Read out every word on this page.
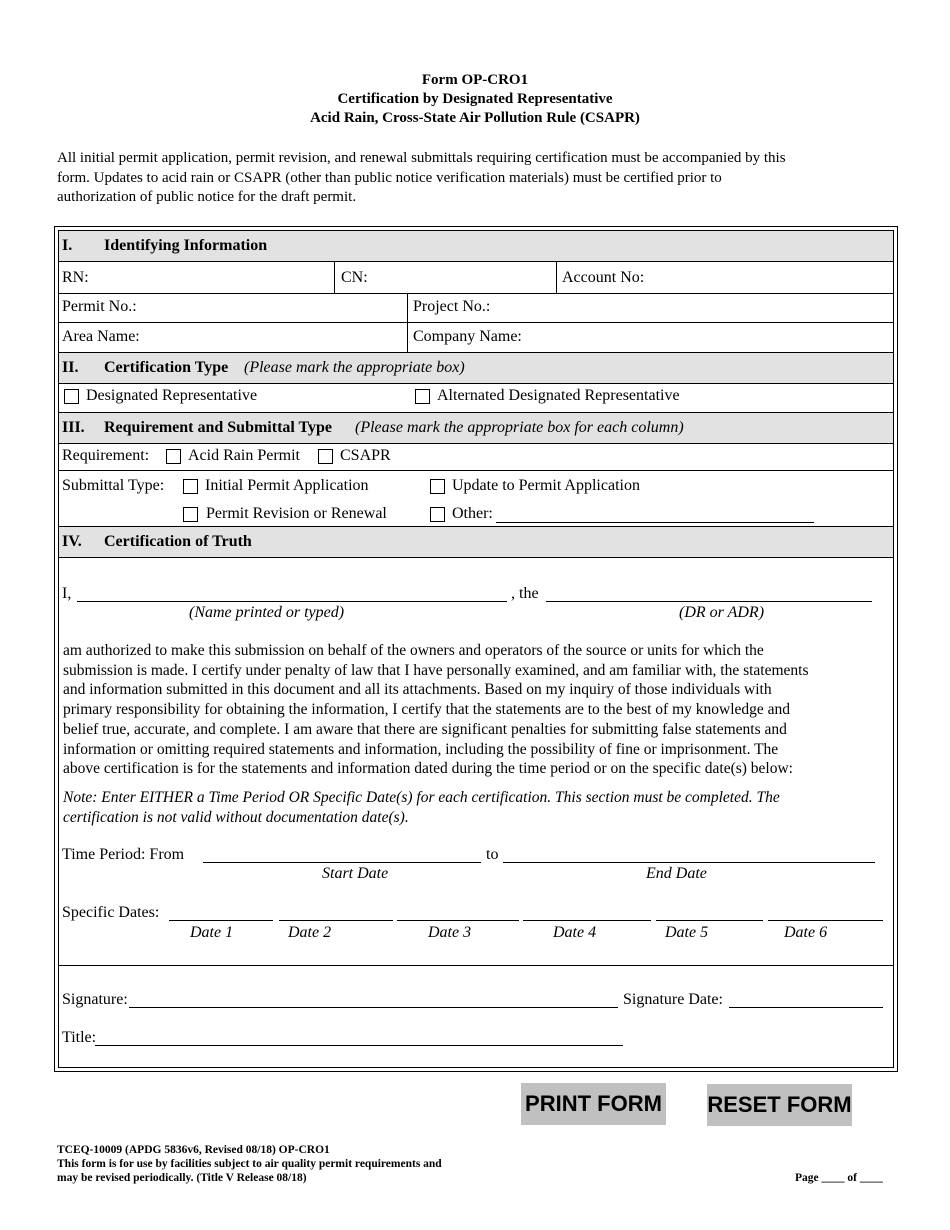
Form OP-CRO1
Certification by Designated Representative
Acid Rain, Cross-State Air Pollution Rule (CSAPR)
All initial permit application, permit revision, and renewal submittals requiring certification must be accompanied by this
form. Updates to acid rain or CSAPR (other than public notice verification materials) must be certified prior to
authorization of public notice for the draft permit.
I. Identifying Information
RN:	CN:	Account No:
Permit No.:	Project No.:
Area Name:	Company Name:
II. Certification Type (Please mark the appropriate box)
Designated Representative	Alternated Designated Representative
III. Requirement and Submittal Type (Please mark the appropriate box for each column)
Requirement: Acid Rain Permit	CSAPR
Submittal Type:	Initial Permit Application	Update to Permit Application
Permit Revision or Renewal	Other:
IV. Certification of Truth
I,	, the
(Name printed or typed)	(DR or ADR)
am authorized to make this submission on behalf of the owners and operators of the source or units for which the
submission is made. I certify under penalty of law that I have personally examined, and am familiar with, the statements
and information submitted in this document and all its attachments. Based on my inquiry of those individuals with
primary responsibility for obtaining the information, I certify that the statements are to the best of my knowledge and
belief true, accurate, and complete. I am aware that there are significant penalties for submitting false statements and
information or omitting required statements and information, including the possibility of fine or imprisonment. The
above certification is for the statements and information dated during the time period or on the specific date(s) below:
Note: Enter EITHER a Time Period OR Specific Date(s) for each certification. This section must be completed. The
certification is not valid without documentation date(s).
Time Period: From	to
Start Date	End Date
Specific Dates:
Date 1	Date 2	Date 3	Date 4	Date 5	Date 6
Signature:	Signature Date:
Title:
PRINT FORM RESET FORM
TCEQ-10009 (APDG 5836v6, Revised 08/18) OP-CRO1
This form is for use by facilities subject to air quality permit requirements and
may be revised periodically. (Title V Release 08/18)	Page ____ of ____
